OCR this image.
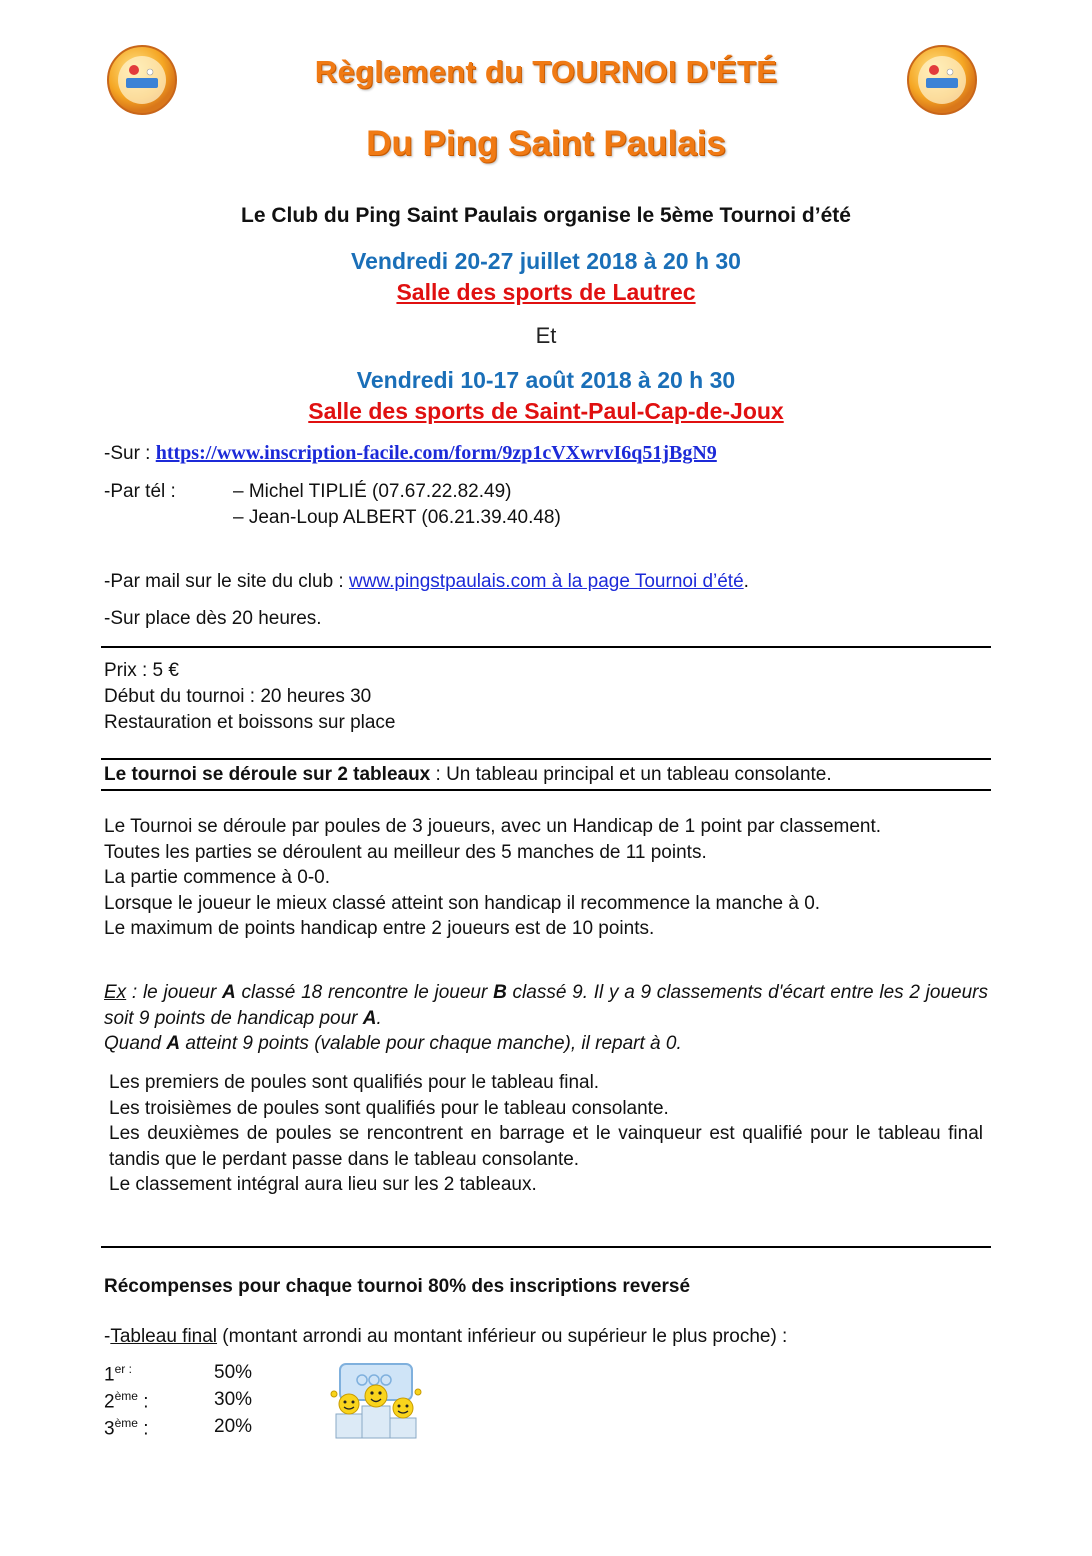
Règlement du TOURNOI D'ÉTÉ
Du Ping Saint Paulais
Le Club du Ping Saint Paulais organise le 5ème Tournoi d’été
Vendredi 20-27 juillet 2018 à 20 h 30
Salle des sports de Lautrec
Et
Vendredi 10-17 août 2018 à 20 h 30
Salle des sports de Saint-Paul-Cap-de-Joux
-Sur : https://www.inscription-facile.com/form/9zp1cVXwrvI6q51jBgN9
-Par tél :	– Michel TIPLIÉ (07.67.22.82.49)
– Jean-Loup ALBERT (06.21.39.40.48)
-Par mail sur le site du club : www.pingstpaulais.com à la page Tournoi d’été.
-Sur place dès 20 heures.
Prix : 5 €
Début du tournoi : 20 heures 30
Restauration et boissons sur place
Le tournoi se déroule sur 2 tableaux : Un tableau principal et un tableau consolante.
Le Tournoi se déroule par poules de 3 joueurs, avec un Handicap de 1 point par classement.
Toutes les parties se déroulent au meilleur des 5 manches de 11 points.
La partie commence à 0-0.
Lorsque le joueur le mieux classé atteint son handicap il recommence la manche à 0.
Le maximum de points handicap entre 2 joueurs est de 10 points.
Ex : le joueur A classé 18 rencontre le joueur B classé 9. Il y a 9 classements d'écart entre les 2 joueurs soit 9 points de handicap pour A.
Quand A atteint 9 points (valable pour chaque manche), il repart à 0.
Les premiers de poules sont qualifiés pour le tableau final.
Les troisièmes de poules sont qualifiés pour le tableau consolante.
Les deuxièmes de poules se rencontrent en barrage et le vainqueur est qualifié pour le tableau final tandis que le perdant passe dans le tableau consolante.
Le classement intégral aura lieu sur les 2 tableaux.
Récompenses pour chaque tournoi 80% des inscriptions reversé
-Tableau final (montant arrondi au montant inférieur ou supérieur le plus proche) :
1er :	50%
2ème :	30%
3ème :	20%
